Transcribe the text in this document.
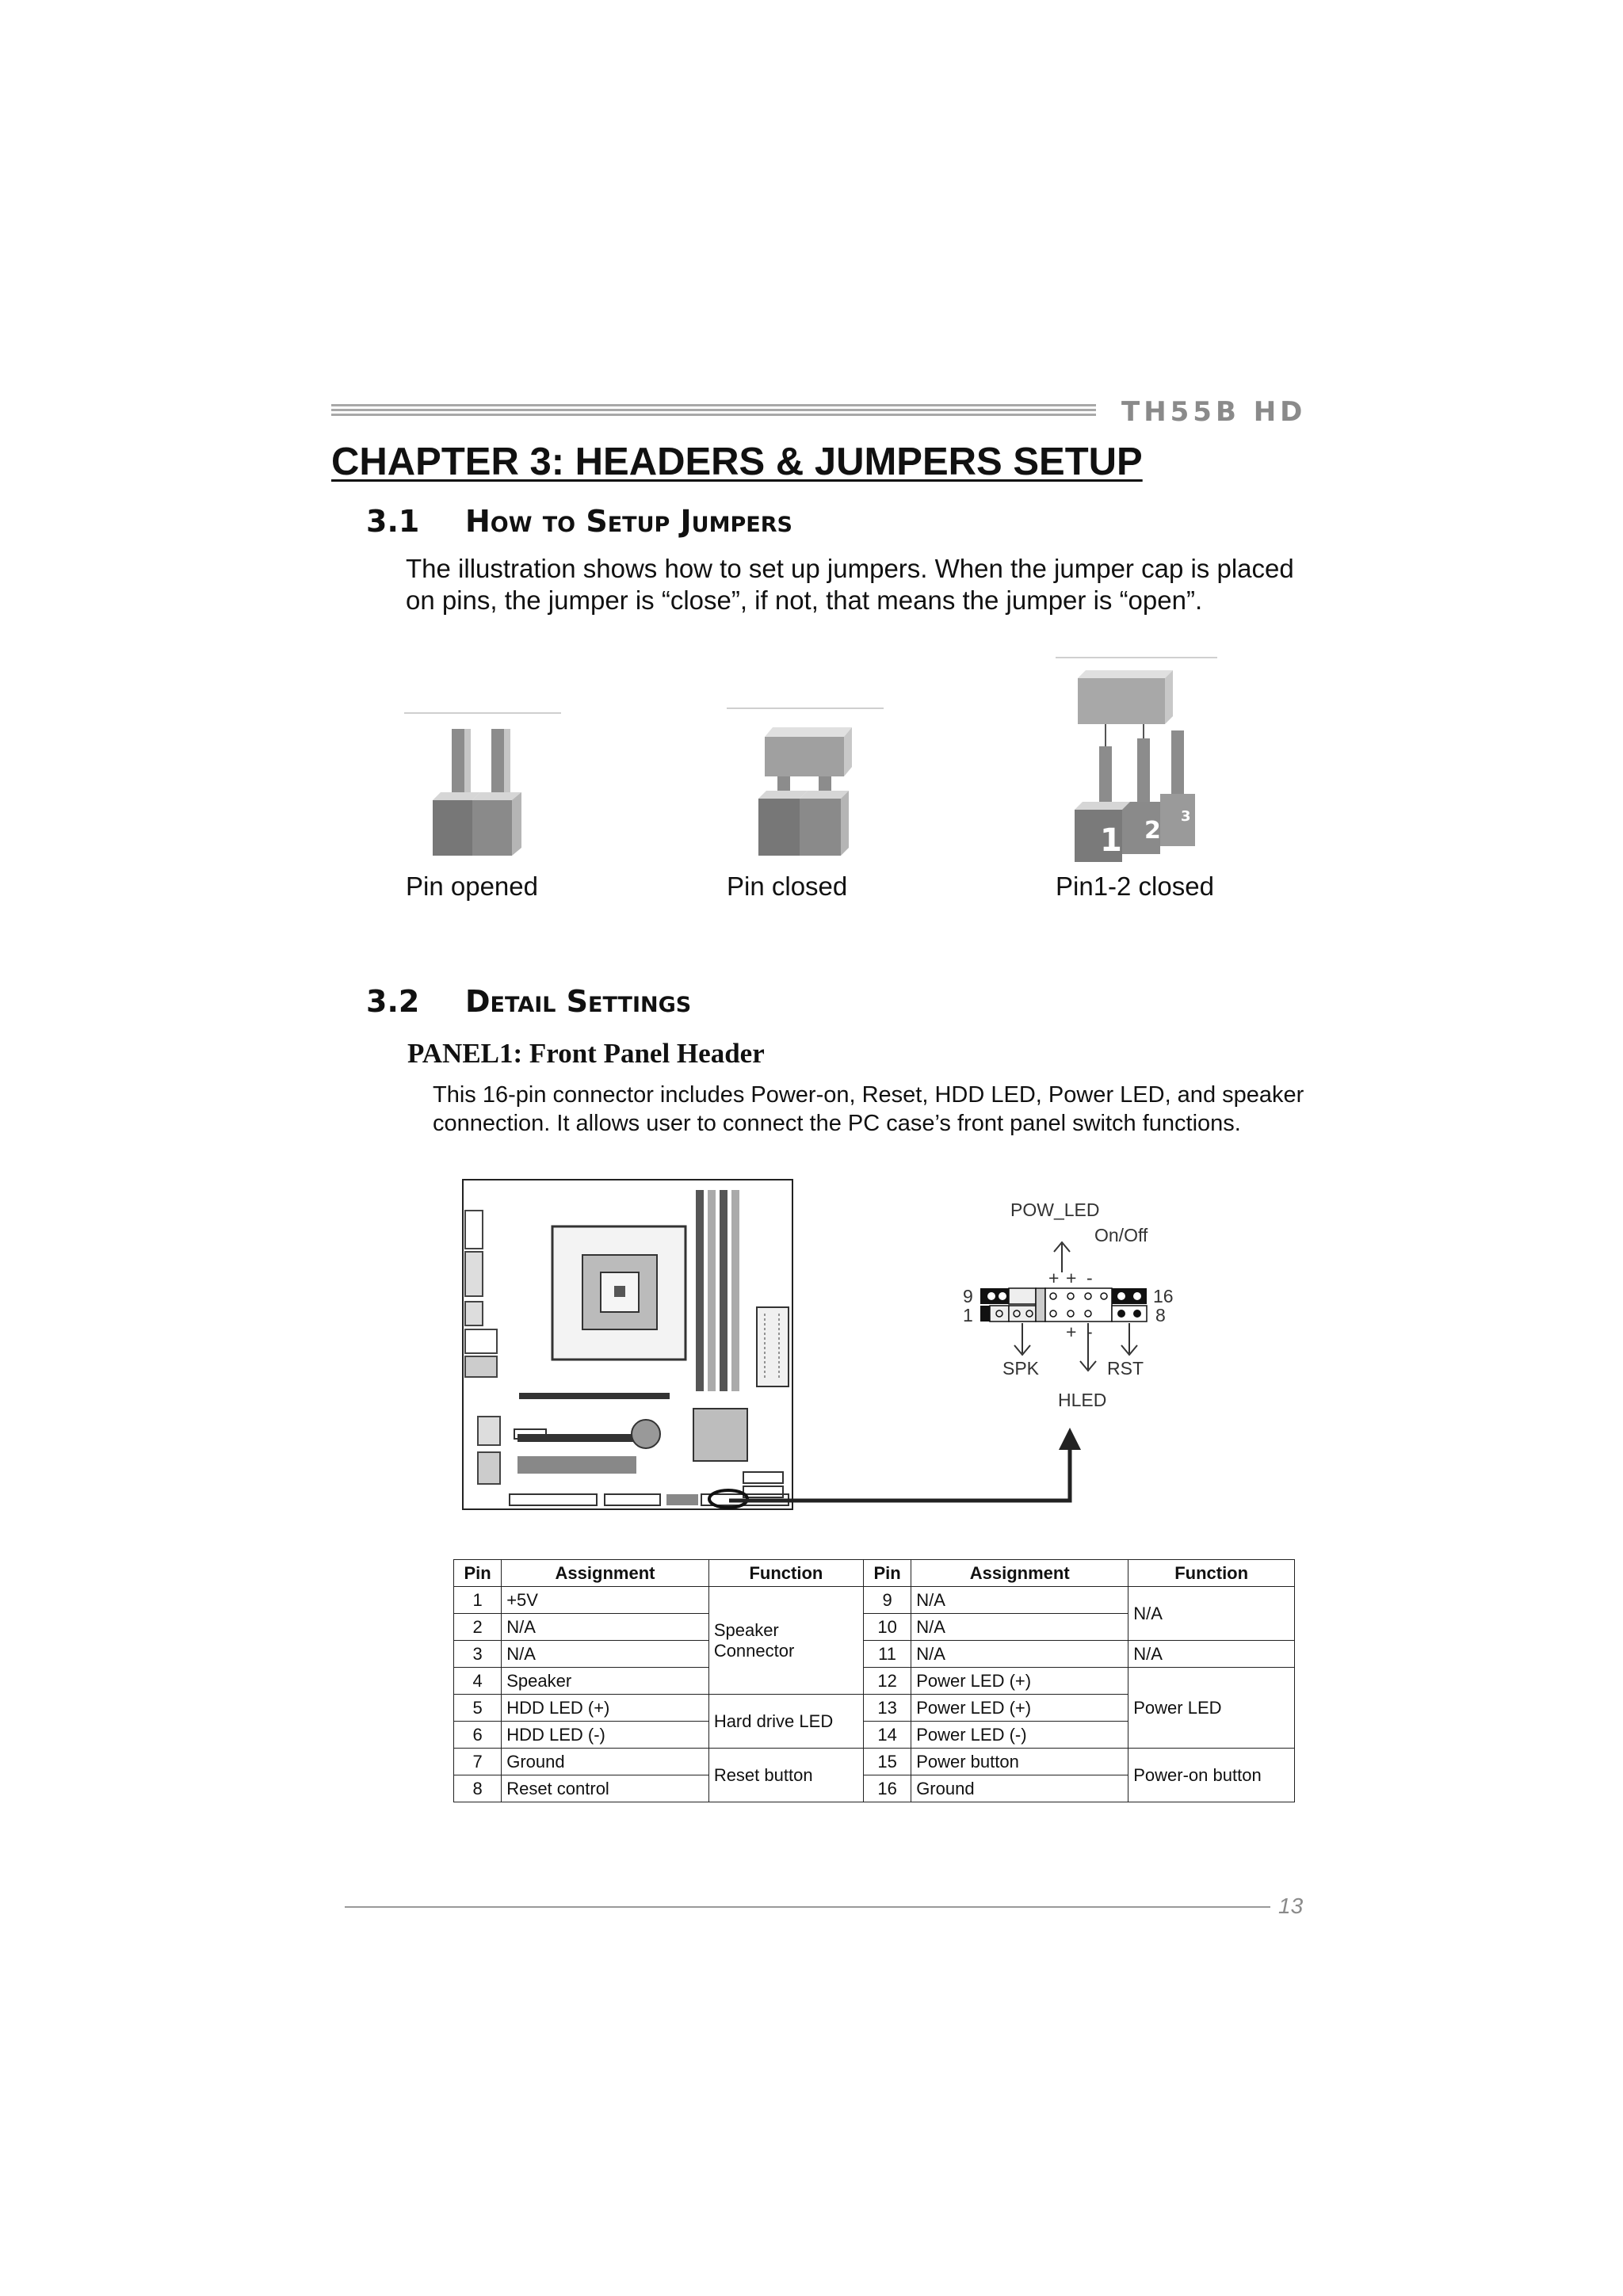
TH55B HD
CHAPTER 3: HEADERS & JUMPERS SETUP
3.1 How to Setup Jumpers

The illustration shows how to set up jumpers. When the jumper cap is placed on pins, the jumper is “close”, if not, that means the jumper is “open”.

Pin opened	Pin closed
1 2
3
Pin1-2 closed
3.2 Detail Settings
PANEL1: Front Panel Header

This 16-pin connector includes Power-on, Reset, HDD LED, Power LED, and speaker connection. It allows user to connect the PC case’s front panel switch functions.

POW_LED
On/Off
+ + -
9
1
16
8
+ -
SPK	RST
HLED
Pin	Assignment	Function	Pin	Assignment	Function
1	+5V	Speaker Connector	9	N/A	N/A
2	N/A		10	N/A	
3	N/A		11	N/A	N/A
4	Speaker		12	Power LED (+)	Power LED
5	HDD LED (+)	Hard drive LED	13	Power LED (+)	
6	HDD LED (-)		14	Power LED (-)	
7	Ground	Reset button	15	Power button	Power-on button
8	Reset control		16	Ground	
13
